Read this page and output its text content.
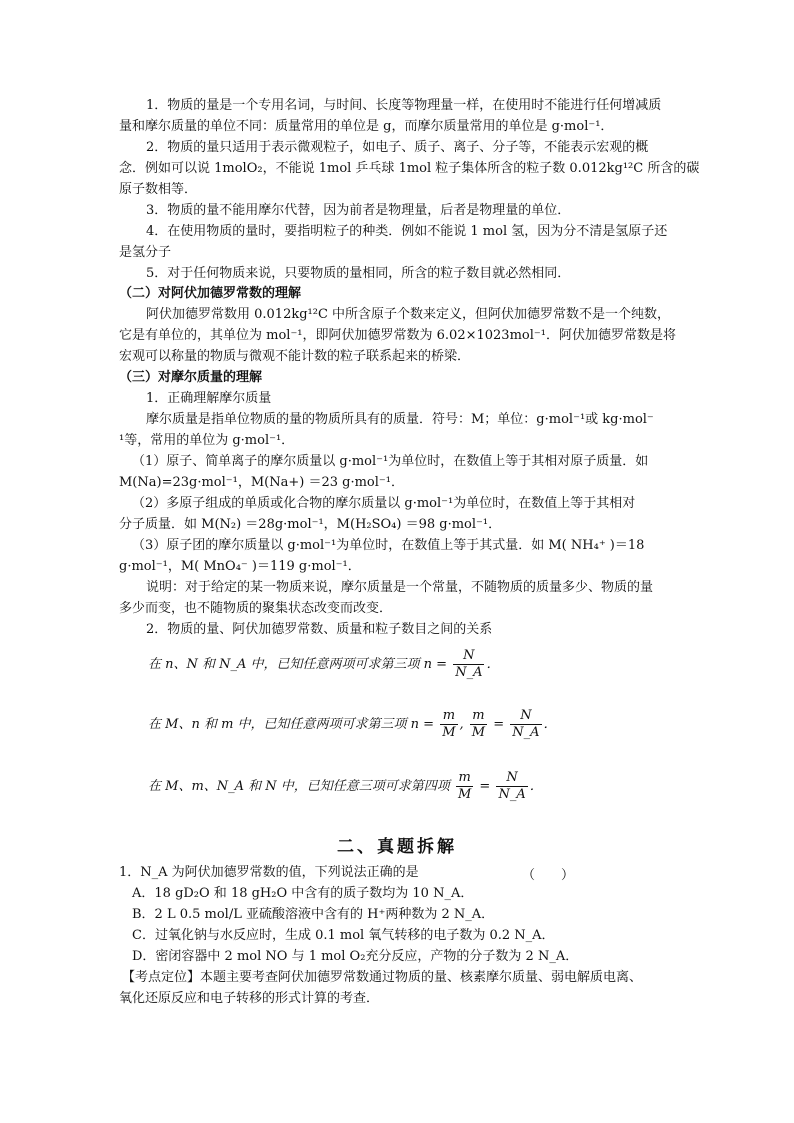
1．物质的量是一个专用名词，与时间、长度等物理量一样，在使用时不能进行任何增减质
量和摩尔质量的单位不同：质量常用的单位是 g，而摩尔质量常用的单位是 g·mol⁻¹．
2．物质的量只适用于表示微观粒子，如电子、质子、离子、分子等，不能表示宏观的概
念．例如可以说 1molO₂，不能说 1mol 乒乓球 1mol 粒子集体所含的粒子数 0.012kg¹²C 所含的碳
原子数相等．
3．物质的量不能用摩尔代替，因为前者是物理量，后者是物理量的单位．
4．在使用物质的量时，要指明粒子的种类．例如不能说 1 mol 氢，因为分不清是氢原子还
是氢分子
5．对于任何物质来说，只要物质的量相同，所含的粒子数目就必然相同．
（二）对阿伏加德罗常数的理解
阿伏加德罗常数用 0.012kg¹²C 中所含原子个数来定义，但阿伏加德罗常数不是一个纯数，
它是有单位的，其单位为 mol⁻¹，即阿伏加德罗常数为 6.02×1023mol⁻¹．阿伏加德罗常数是将
宏观可以称量的物质与微观不能计数的粒子联系起来的桥梁．
（三）对摩尔质量的理解
1．正确理解摩尔质量
摩尔质量是指单位物质的量的物质所具有的质量．符号：M；单位：g·mol⁻¹或 kg·mol⁻
¹等，常用的单位为 g·mol⁻¹．
（1）原子、简单离子的摩尔质量以 g·mol⁻¹为单位时，在数值上等于其相对原子质量．如
M(Na)=23g·mol⁻¹，M(Na+) ＝23 g·mol⁻¹．
（2）多原子组成的单质或化合物的摩尔质量以 g·mol⁻¹为单位时，在数值上等于其相对
分子质量．如 M(N₂) ＝28g·mol⁻¹，M(H₂SO₄) ＝98 g·mol⁻¹．
（3）原子团的摩尔质量以 g·mol⁻¹为单位时，在数值上等于其式量．如 M( NH₄⁺ )＝18
g·mol⁻¹，M( MnO₄⁻ )＝119 g·mol⁻¹．
说明：对于给定的某一物质来说，摩尔质量是一个常量，不随物质的质量多少、物质的量
多少而变，也不随物质的聚集状态改变而改变．
2．物质的量、阿伏加德罗常数、质量和粒子数目之间的关系
在 n、N 和 N_A 中，已知任意两项可求第三项 $n = \frac{N}{N\_A}$ ．
在 M、n 和 m 中，已知任意两项可求第三项 $n = \frac{m}{M}$ , $\frac{m}{M} = \frac{N}{N\_A}$ ．
在 M、m、N_A 和 N 中，已知任意三项可求第四项 $\frac{m}{M} = \frac{N}{N\_A}$ ．
二、真题拆解
1．N_A 为阿伏加德罗常数的值，下列说法正确的是	（　　）
A．18 gD₂O 和 18 gH₂O 中含有的质子数均为 10 N_A．
B．2 L 0.5 mol/L 亚硫酸溶液中含有的 H⁺两种数为 2 N_A．
C．过氧化钠与水反应时，生成 0.1 mol 氧气转移的电子数为 0.2 N_A．
D．密闭容器中 2 mol NO 与 1 mol O₂充分反应，产物的分子数为 2 N_A．
【考点定位】本题主要考查阿伏加德罗常数通过物质的量、核素摩尔质量、弱电解质电离、
氧化还原反应和电子转移的形式计算的考查．
